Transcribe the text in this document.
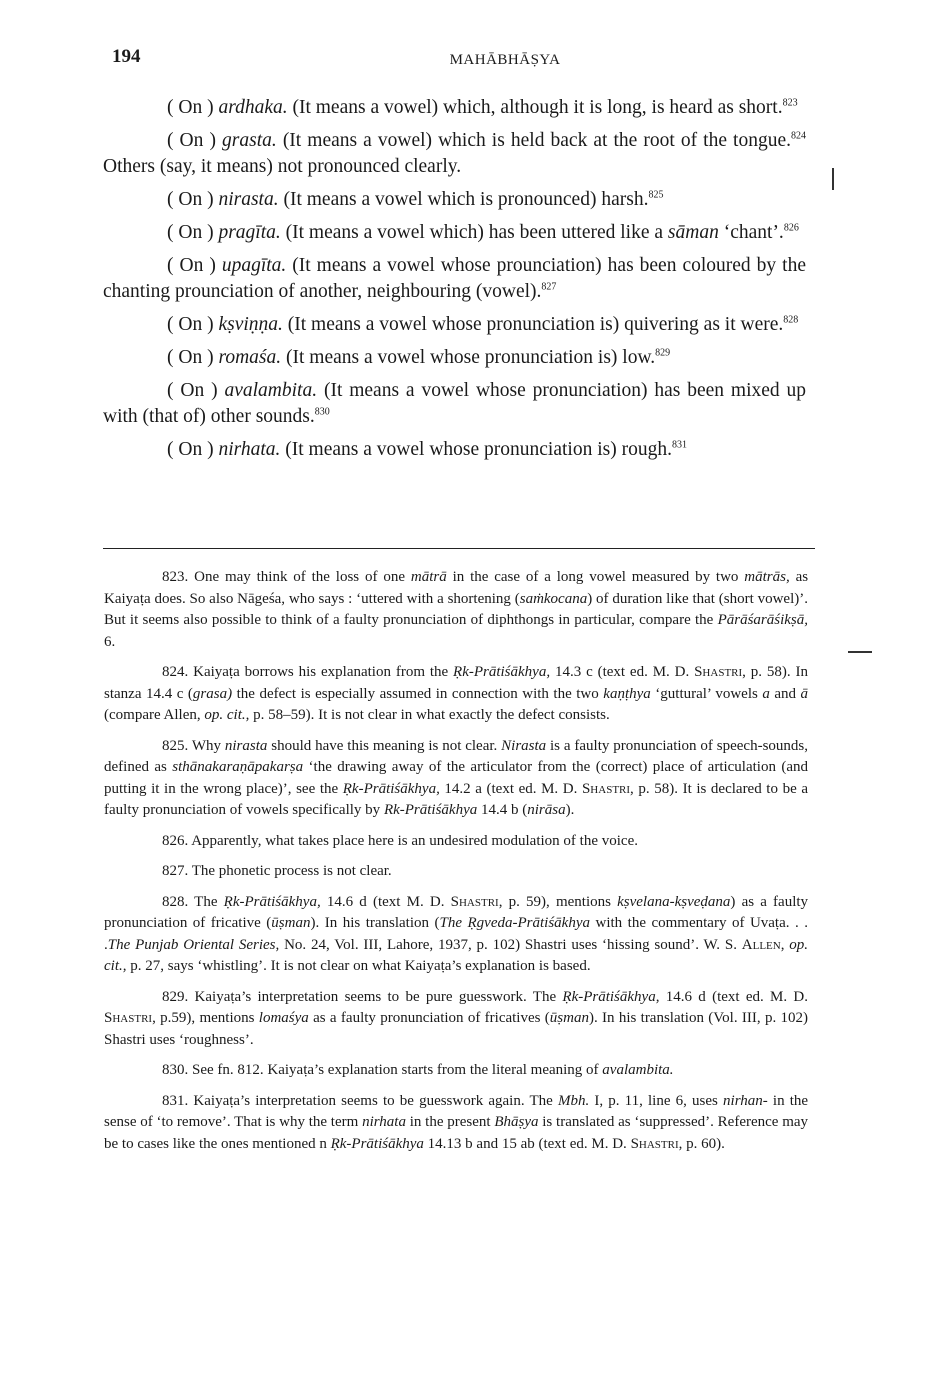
194	MAHĀBHĀṢYA

( On ) ardhaka. (It means a vowel) which, although it is long, is heard as short.$^{823}$

( On ) grasta. (It means a vowel) which is held back at the root of the tongue.$^{824}$ Others (say, it means) not pronounced clearly.

( On ) nirasta. (It means a vowel which is pronounced) harsh.$^{825}$

( On ) pragīta. (It means a vowel which) has been uttered like a sāman ‘chant’.$^{826}$

( On ) upagīta. (It means a vowel whose prounciation) has been coloured by the chanting prounciation of another, neighbouring (vowel).$^{827}$

( On ) kṣviṇṇa. (It means a vowel whose pronunciation is) quivering as it were.$^{828}$

( On ) romaśa. (It means a vowel whose pronunciation is) low.$^{829}$

( On ) avalambita. (It means a vowel whose pronunciation) has been mixed up with (that of) other sounds.$^{830}$

( On ) nirhata. (It means a vowel whose pronunciation is) rough.$^{831}$

823. One may think of the loss of one mātrā in the case of a long vowel measured by two mātrās, as Kaiyaṭa does. So also Nāgeśa, who says : ‘uttered with a shortening (saṁkocana) of duration like that (short vowel)’. But it seems also possible to think of a faulty pronunciation of diphthongs in particular, compare the Pārāśarāśikṣā, 6.

824. Kaiyaṭa borrows his explanation from the Ṛk-Prātiśākhya, 14.3 c (text ed. M. D. Shastri, p. 58). In stanza 14.4 c (grasa) the defect is especially assumed in connection with the two kaṇṭhya ‘guttural’ vowels a and ā (compare Allen, op. cit., p. 58–59). It is not clear in what exactly the defect consists.

825. Why nirasta should have this meaning is not clear. Nirasta is a faulty pronunciation of speech-sounds, defined as sthānakaraṇāpakarṣa ‘the drawing away of the articulator from the (correct) place of articulation (and putting it in the wrong place)’, see the Ṛk-Prātiśākhya, 14.2 a (text ed. M. D. Shastri, p. 58). It is declared to be a faulty pronunciation of vowels specifically by Rk-Prātiśākhya 14.4 b (nirāsa).

826. Apparently, what takes place here is an undesired modulation of the voice.

827. The phonetic process is not clear.

828. The Ṛk-Prātiśākhya, 14.6 d (text M. D. Shastri, p. 59), mentions kṣvelana-kṣveḍana) as a faulty pronunciation of fricative (ūṣman). In his translation (The Ṛgveda-Prātiśākhya with the commentary of Uvaṭa. . . .The Punjab Oriental Series, No. 24, Vol. III, Lahore, 1937, p. 102) Shastri uses ‘hissing sound’. W. S. Allen, op. cit., p. 27, says ‘whistling’. It is not clear on what Kaiyaṭa’s explanation is based.

829. Kaiyaṭa’s interpretation seems to be pure guesswork. The Ṛk-Prātiśākhya, 14.6 d (text ed. M. D. Shastri, p.59), mentions lomaśya as a faulty pronunciation of fricatives (ūṣman). In his translation (Vol. III, p. 102) Shastri uses ‘roughness’.

830. See fn. 812. Kaiyaṭa’s explanation starts from the literal meaning of avalambita.

831. Kaiyaṭa’s interpretation seems to be guesswork again. The Mbh. I, p. 11, line 6, uses nirhan- in the sense of ‘to remove’. That is why the term nirhata in the present Bhāṣya is translated as ‘suppressed’. Reference may be to cases like the ones mentioned n Ṛk-Prātiśākhya 14.13 b and 15 ab (text ed. M. D. Shastri, p. 60).
